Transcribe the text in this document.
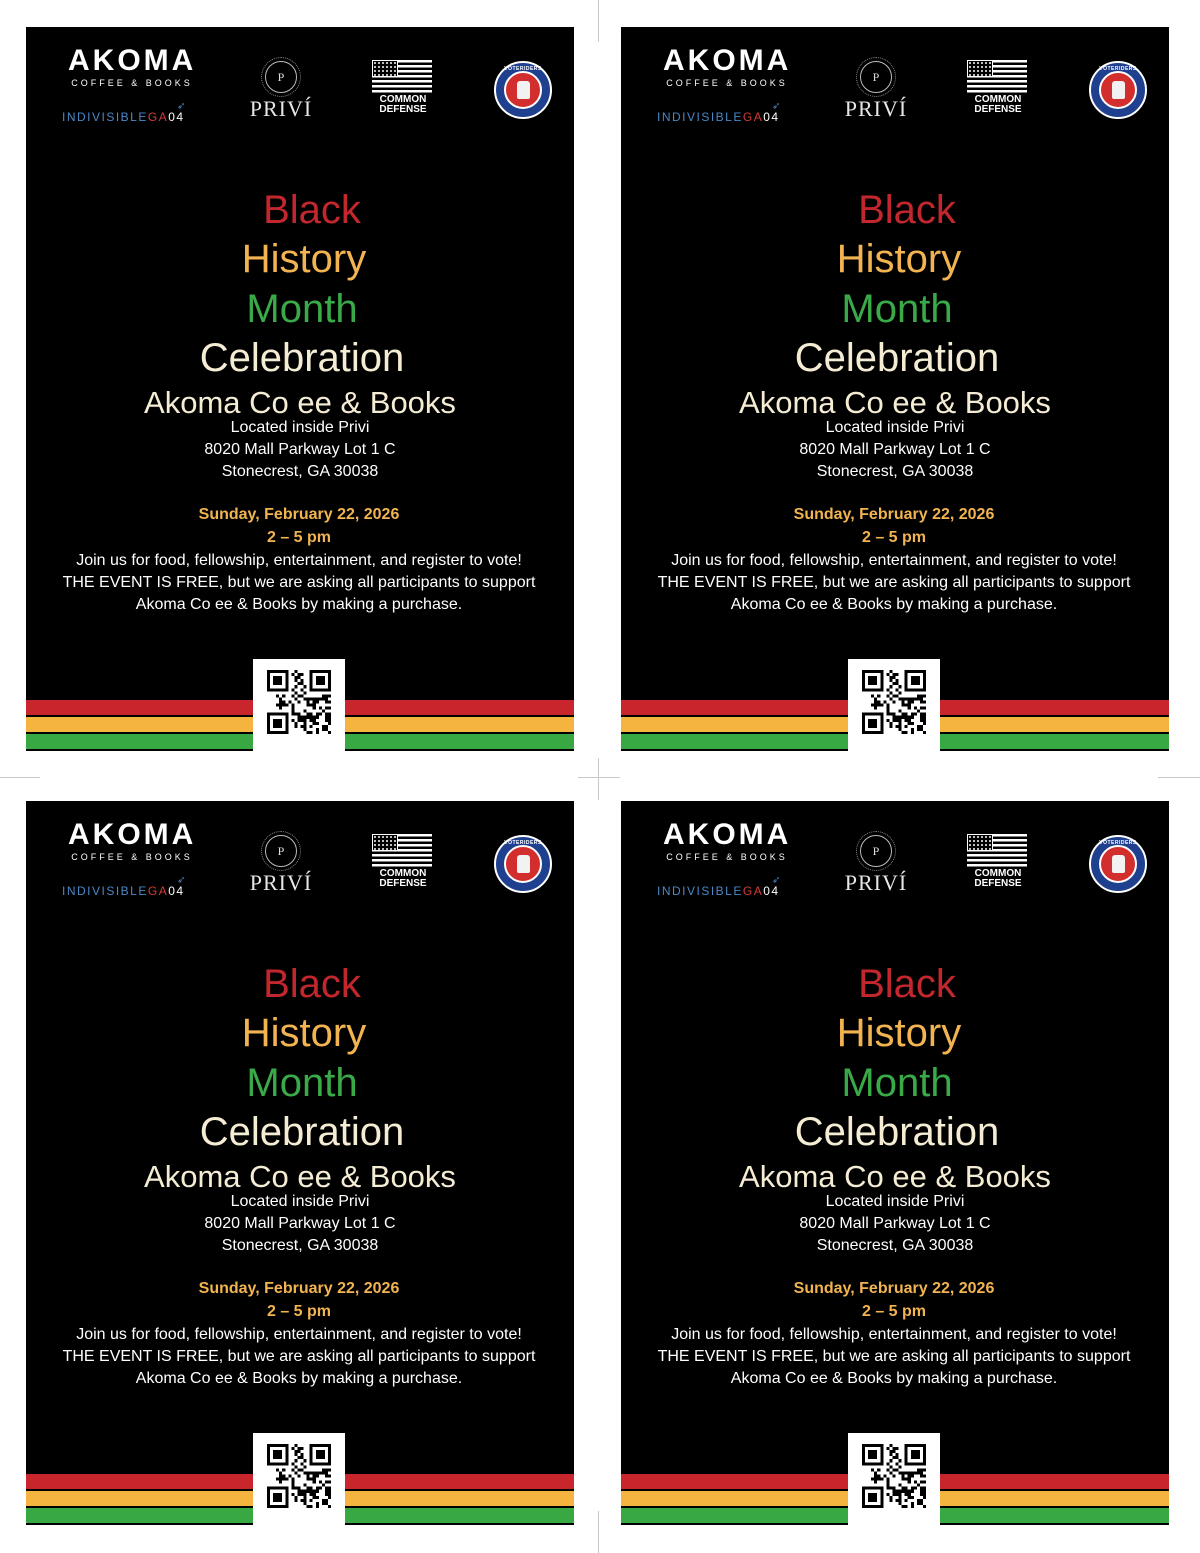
AKOMA
COFFEE & BOOKS
INDIVISIBLEGA04
➶
P
PRIVÍ	COMMON DEFENSE
VOTERIDERS
Black
History
Month
Celebration
Akoma Co ee & Books
Located inside Privi
8020 Mall Parkway Lot 1 C
Stonecrest, GA 30038
Sunday, February 22, 2026
2 – 5 pm
Join us for food, fellowship, entertainment, and register to vote!
THE EVENT IS FREE, but we are asking all participants to support
Akoma Co ee & Books by making a purchase.
AKOMA
COFFEE & BOOKS
INDIVISIBLEGA04
➶
P
PRIVÍ	COMMON DEFENSE
VOTERIDERS
Black
History
Month
Celebration
Akoma Co ee & Books
Located inside Privi
8020 Mall Parkway Lot 1 C
Stonecrest, GA 30038
Sunday, February 22, 2026
2 – 5 pm
Join us for food, fellowship, entertainment, and register to vote!
THE EVENT IS FREE, but we are asking all participants to support
Akoma Co ee & Books by making a purchase.
AKOMA
COFFEE & BOOKS
INDIVISIBLEGA04
➶
P
PRIVÍ	COMMON DEFENSE
VOTERIDERS
Black
History
Month
Celebration
Akoma Co ee & Books
Located inside Privi
8020 Mall Parkway Lot 1 C
Stonecrest, GA 30038
Sunday, February 22, 2026
2 – 5 pm
Join us for food, fellowship, entertainment, and register to vote!
THE EVENT IS FREE, but we are asking all participants to support
Akoma Co ee & Books by making a purchase.
AKOMA
COFFEE & BOOKS
INDIVISIBLEGA04
➶
P
PRIVÍ	COMMON DEFENSE
VOTERIDERS
Black
History
Month
Celebration
Akoma Co ee & Books
Located inside Privi
8020 Mall Parkway Lot 1 C
Stonecrest, GA 30038
Sunday, February 22, 2026
2 – 5 pm
Join us for food, fellowship, entertainment, and register to vote!
THE EVENT IS FREE, but we are asking all participants to support
Akoma Co ee & Books by making a purchase.
